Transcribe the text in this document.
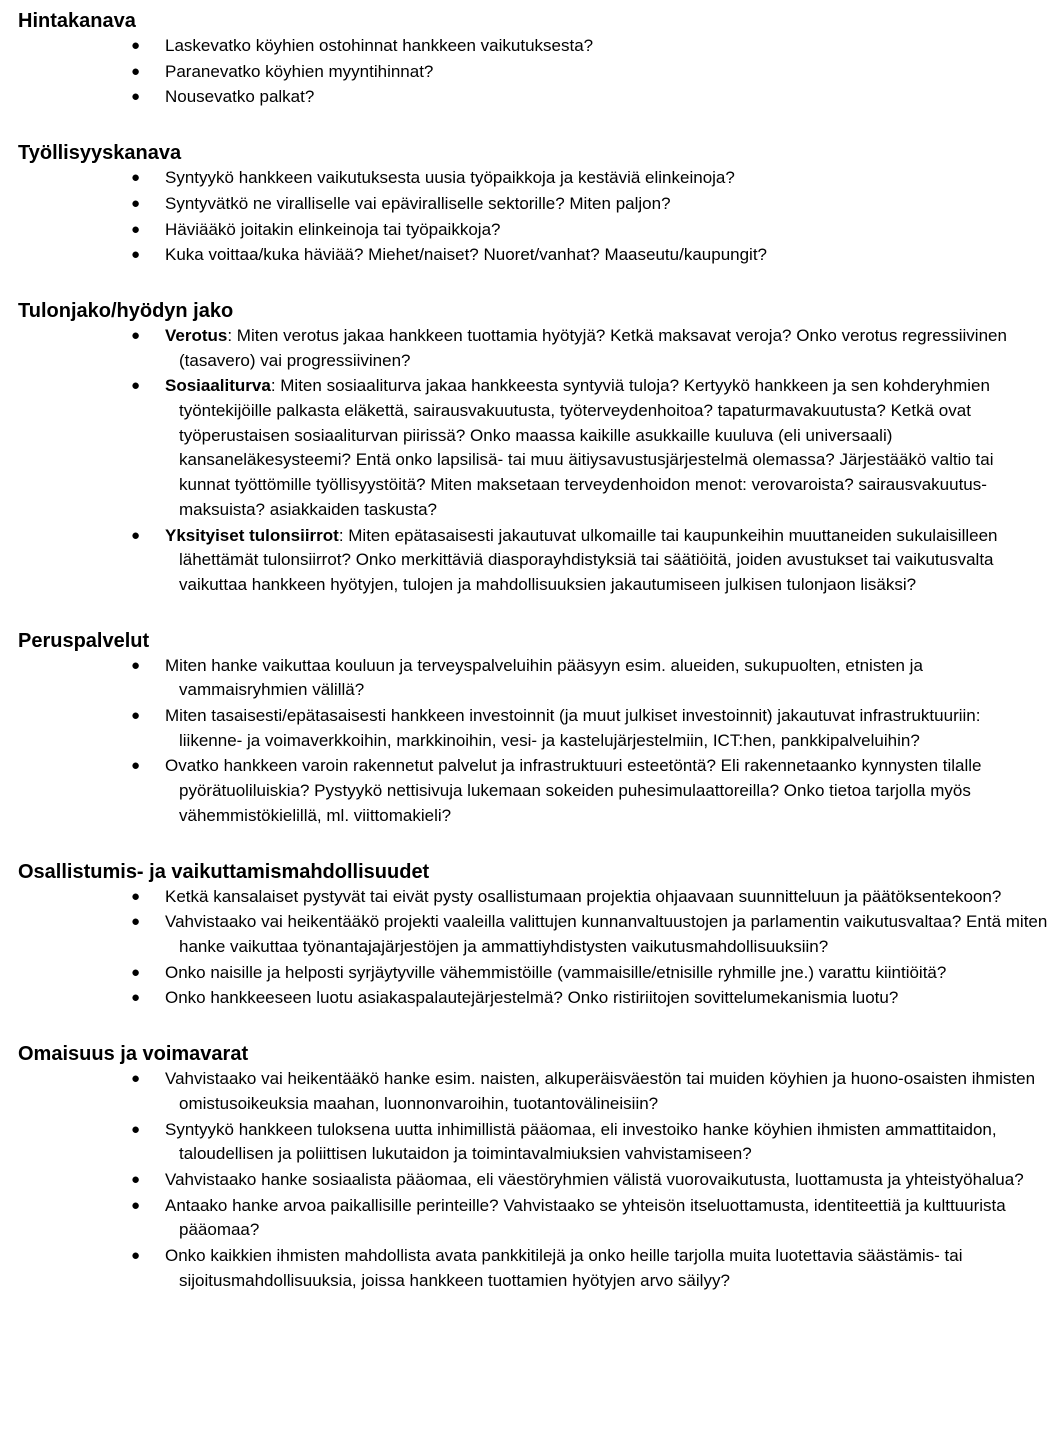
Hintakanava
● Laskevatko köyhien ostohinnat hankkeen vaikutuksesta?
● Paranevatko köyhien myyntihinnat?
● Nousevatko palkat?
Työllisyyskanava
● Syntyykö hankkeen vaikutuksesta uusia työpaikkoja ja kestäviä elinkeinoja?
● Syntyvätkö ne viralliselle vai epäviralliselle sektorille? Miten paljon?
● Häviääkö joitakin elinkeinoja tai työpaikkoja?
● Kuka voittaa/kuka häviää? Miehet/naiset? Nuoret/vanhat? Maaseutu/kaupungit?
Tulonjako/hyödyn jako
● Verotus: Miten verotus jakaa hankkeen tuottamia hyötyjä? Ketkä maksavat veroja? Onko verotus regressiivinen (tasavero) vai progressiivinen?
● Sosiaaliturva: Miten sosiaaliturva jakaa hankkeesta syntyviä tuloja? Kertyykö hankkeen ja sen kohderyhmien työntekijöille palkasta eläkettä, sairausvakuutusta, työterveydenhoitoa? tapaturmavakuutusta? Ketkä ovat työperustaisen sosiaaliturvan piirissä? Onko maassa kaikille asukkaille kuuluva (eli universaali) kansaneläkesysteemi? Entä onko lapsilisä- tai muu äitiysavustusjärjestelmä olemassa? Järjestääkö valtio tai kunnat työttömille työllisyystöitä? Miten maksetaan terveydenhoidon menot: verovaroista? sairausvakuutus-maksuista? asiakkaiden taskusta?
● Yksityiset tulonsiirrot: Miten epätasaisesti jakautuvat ulkomaille tai kaupunkeihin muuttaneiden sukulaisilleen lähettämät tulonsiirrot? Onko merkittäviä diasporayhdistyksiä tai säätiöitä, joiden avustukset tai vaikutusvalta vaikuttaa hankkeen hyötyjen, tulojen ja mahdollisuuksien jakautumiseen julkisen tulonjaon lisäksi?
Peruspalvelut
● Miten hanke vaikuttaa kouluun ja terveyspalveluihin pääsyyn esim. alueiden, sukupuolten, etnisten ja vammaisryhmien välillä?
● Miten tasaisesti/epätasaisesti hankkeen investoinnit (ja muut julkiset investoinnit) jakautuvat infrastruktuuriin: liikenne- ja voimaverkkoihin, markkinoihin, vesi- ja kastelujärjestelmiin, ICT:hen, pankkipalveluihin?
● Ovatko hankkeen varoin rakennetut palvelut ja infrastruktuuri esteetöntä? Eli rakennetaanko kynnysten tilalle pyörätuoliluiskia? Pystyykö nettisivuja lukemaan sokeiden puhesimulaattoreilla? Onko tietoa tarjolla myös vähemmistökielillä, ml. viittomakieli?
Osallistumis- ja vaikuttamismahdollisuudet
● Ketkä kansalaiset pystyvät tai eivät pysty osallistumaan projektia ohjaavaan suunnitteluun ja päätöksentekoon?
● Vahvistaako vai heikentääkö projekti vaaleilla valittujen kunnanvaltuustojen ja parlamentin vaikutusvaltaa? Entä miten hanke vaikuttaa työnantajajärjestöjen ja ammattiyhdistysten vaikutusmahdollisuuksiin?
● Onko naisille ja helposti syrjäytyville vähemmistöille (vammaisille/etnisille ryhmille jne.) varattu kiintiöitä?
● Onko hankkeeseen luotu asiakaspalautejärjestelmä? Onko ristiriitojen sovittelumekanismia luotu?
Omaisuus ja voimavarat
● Vahvistaako vai heikentääkö hanke esim. naisten, alkuperäisväestön tai muiden köyhien ja huono-osaisten ihmisten omistusoikeuksia maahan, luonnonvaroihin, tuotantovälineisiin?
● Syntyykö hankkeen tuloksena uutta inhimillistä pääomaa, eli investoiko hanke köyhien ihmisten ammattitaidon, taloudellisen ja poliittisen lukutaidon ja toimintavalmiuksien vahvistamiseen?
● Vahvistaako hanke sosiaalista pääomaa, eli väestöryhmien välistä vuorovaikutusta, luottamusta ja yhteistyöhalua?
● Antaako hanke arvoa paikallisille perinteille? Vahvistaako se yhteisön itseluottamusta, identiteettiä ja kulttuurista pääomaa?
● Onko kaikkien ihmisten mahdollista avata pankkitilejä ja onko heille tarjolla muita luotettavia säästämis- tai sijoitusmahdollisuuksia, joissa hankkeen tuottamien hyötyjen arvo säilyy?
